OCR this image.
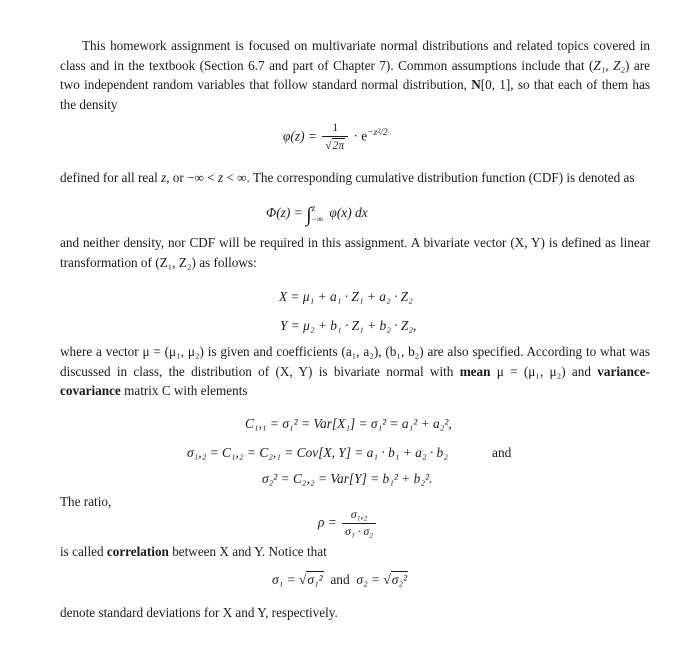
This homework assignment is focused on multivariate normal distributions and related topics covered in class and in the textbook (Section 6.7 and part of Chapter 7). Common assumptions include that (Z₁, Z₂) are two independent random variables that follow standard normal distribution, N[0, 1], so that each of them has the density
$\varphi(z) = \frac{1}{√2\pi} \cdot e^{-z^2/2}$
defined for all real z, or −∞ < z < ∞. The corresponding cumulative distribution function (CDF) is denoted as
Φ(z) = ∫ z
−∞ φ(x) dx
and neither density, nor CDF will be required in this assignment. A bivariate vector (X, Y) is defined as linear transformation of (Z₁, Z₂) as follows:
X = μ₁ + a₁ · Z₁ + a₂ · Z₂
Y = μ₂ + b₁ · Z₁ + b₂ · Z₂,
where a vector μ = (μ₁, μ₂) is given and coefficients (a₁, a₂), (b₁, b₂) are also specified. According to what was discussed in class, the distribution of (X, Y) is bivariate normal with mean μ = (μ₁, μ₂) and variance-covariance matrix C with elements
C₁,₁ = σ₁² = Var[X₁] = σ₁² = a₁² + a₂²,
σ₁,₂ = C₁,₂ = C₂,₁ = Cov[X, Y] = a₁ · b₁ + a₂ · b₂	and
σ₂² = C₂,₂ = Var[Y] = b₁² + b₂².
The ratio,
$\rho = \frac{\text{σ₁,₂}}{\text{σ₁ · σ₂}}$
is called correlation between X and Y. Notice that
σ₁ = √σ₁² and σ₂ = √σ₂²
denote standard deviations for X and Y, respectively.
